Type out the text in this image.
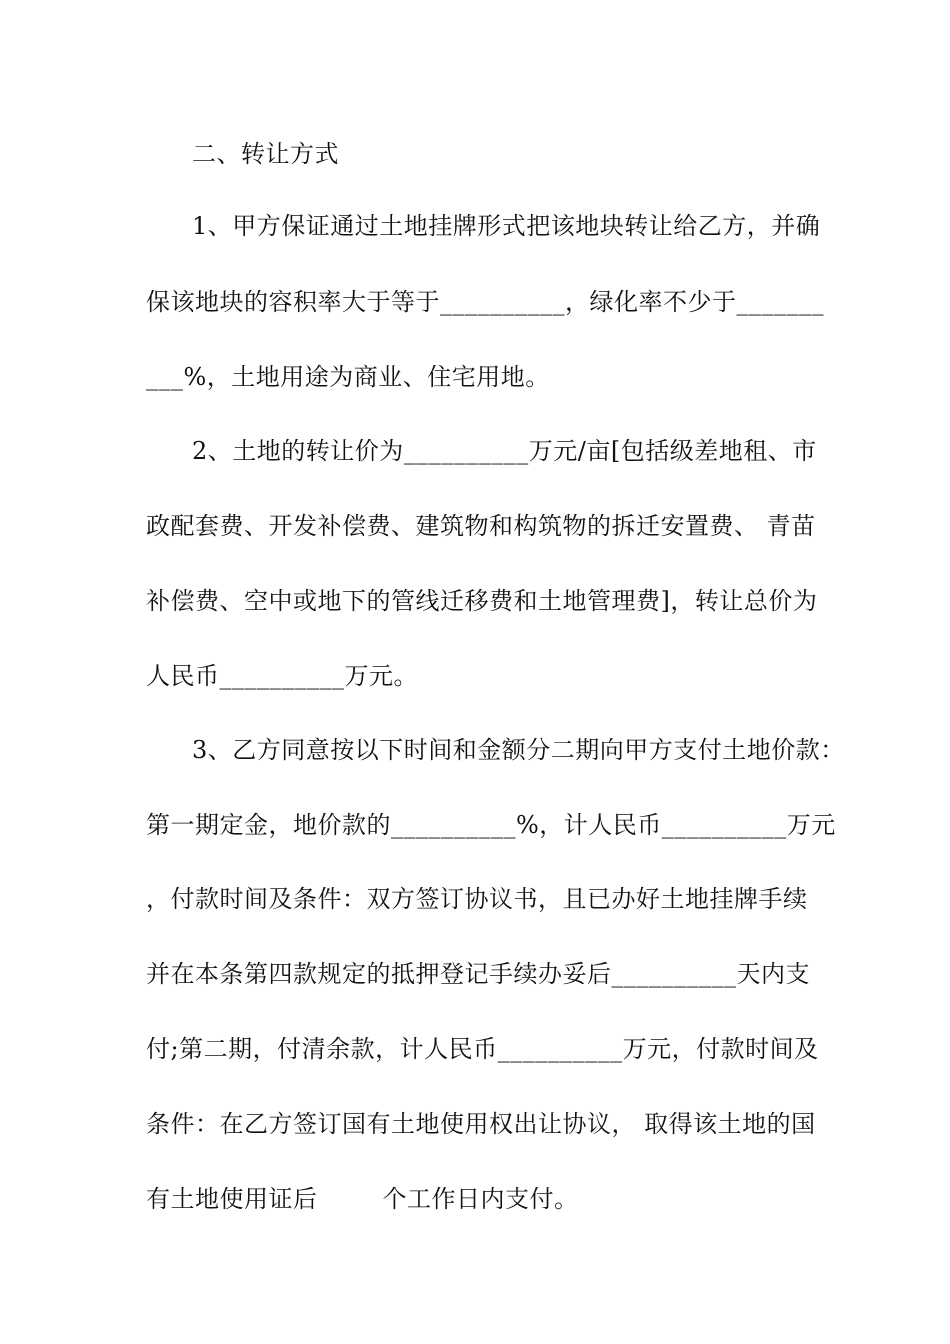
二、转让方式
1、甲方保证通过土地挂牌形式把该地块转让给乙方，并确
保该地块的容积率大于等于__________，绿化率不少于_______
___%，土地用途为商业、住宅用地。
2、土地的转让价为__________万元/亩[包括级差地租、市
政配套费、开发补偿费、建筑物和构筑物的拆迁安置费、 青苗
补偿费、空中或地下的管线迁移费和土地管理费]，转让总价为
人民币__________万元。
3、乙方同意按以下时间和金额分二期向甲方支付土地价款：
第一期定金，地价款的__________%，计人民币__________万元
，付款时间及条件：双方签订协议书，且已办好土地挂牌手续
并在本条第四款规定的抵押登记手续办妥后__________天内支
付;第二期，付清余款，计人民币__________万元，付款时间及
条件：在乙方签订国有土地使用权出让协议， 取得该土地的国
有土地使用证后        个工作日内支付。
